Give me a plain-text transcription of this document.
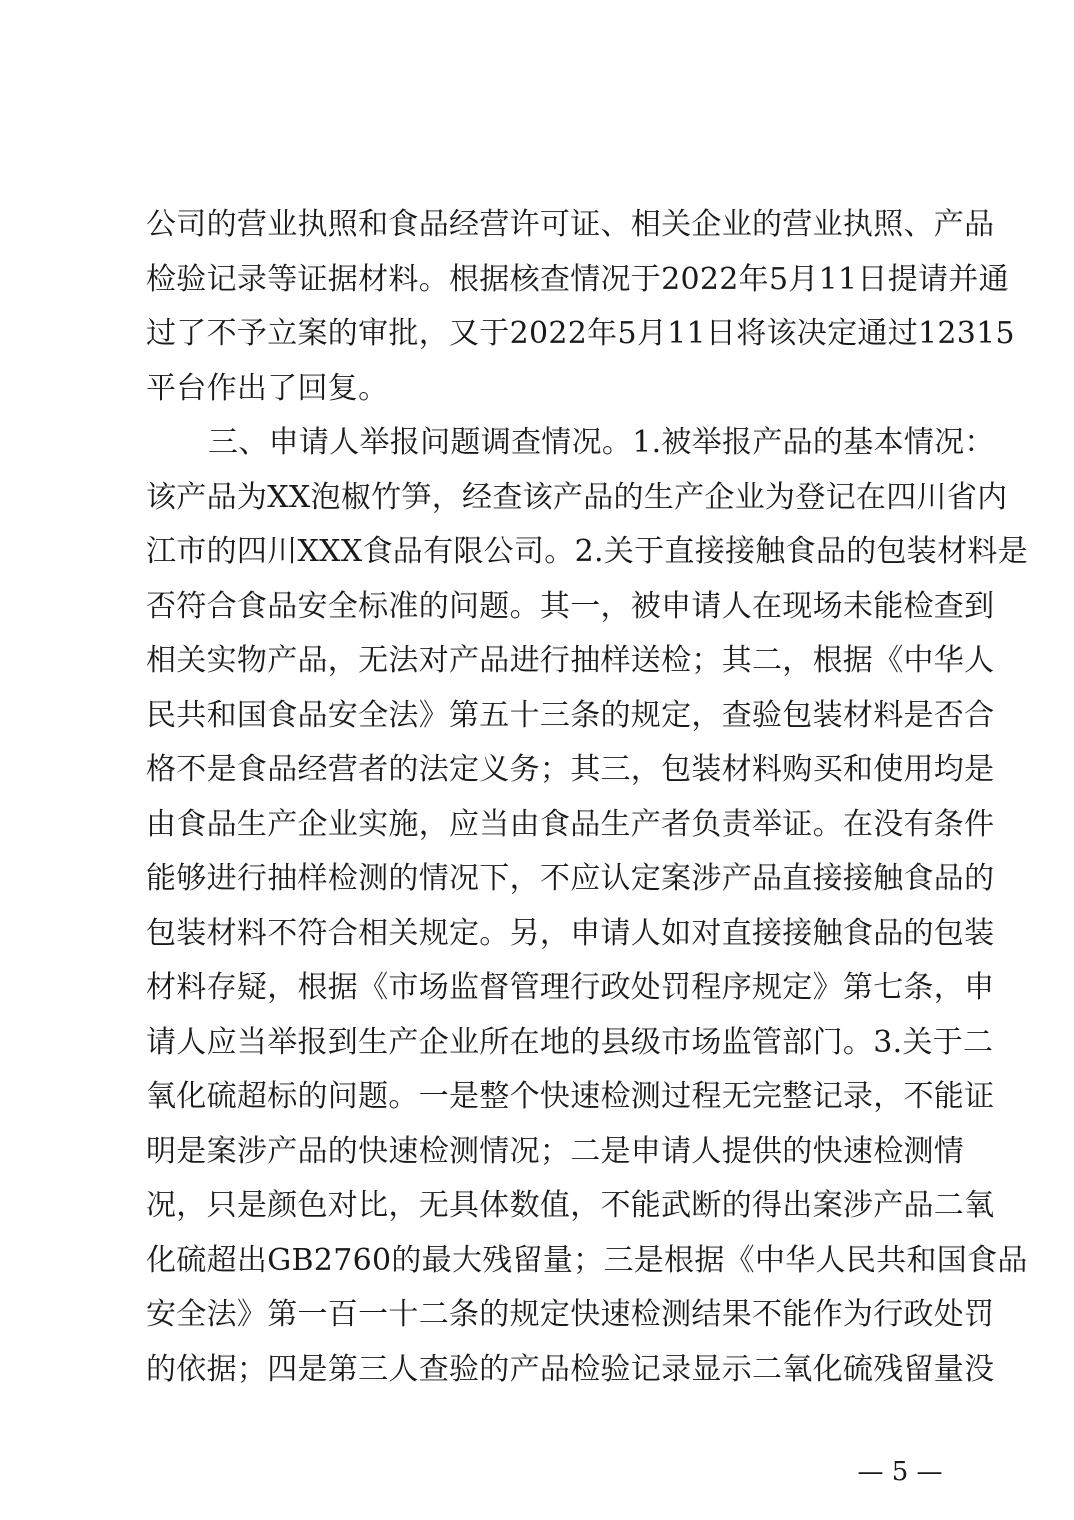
公司的营业执照和食品经营许可证、相关企业的营业执照、产品
检验记录等证据材料。根据核查情况于2022年5月11日提请并通
过了不予立案的审批，又于2022年5月11日将该决定通过12315
平台作出了回复。
三、申请人举报问题调查情况。1.被举报产品的基本情况：
该产品为XX泡椒竹笋，经查该产品的生产企业为登记在四川省内
江市的四川XXX食品有限公司。2.关于直接接触食品的包装材料是
否符合食品安全标准的问题。其一，被申请人在现场未能检查到
相关实物产品，无法对产品进行抽样送检；其二，根据《中华人
民共和国食品安全法》第五十三条的规定，查验包装材料是否合
格不是食品经营者的法定义务；其三，包装材料购买和使用均是
由食品生产企业实施，应当由食品生产者负责举证。在没有条件
能够进行抽样检测的情况下，不应认定案涉产品直接接触食品的
包装材料不符合相关规定。另，申请人如对直接接触食品的包装
材料存疑，根据《市场监督管理行政处罚程序规定》第七条，申
请人应当举报到生产企业所在地的县级市场监管部门。3.关于二
氧化硫超标的问题。一是整个快速检测过程无完整记录，不能证
明是案涉产品的快速检测情况；二是申请人提供的快速检测情
况，只是颜色对比，无具体数值，不能武断的得出案涉产品二氧
化硫超出GB2760的最大残留量；三是根据《中华人民共和国食品
安全法》第一百一十二条的规定快速检测结果不能作为行政处罚
的依据；四是第三人查验的产品检验记录显示二氧化硫残留量没
— 5 —
